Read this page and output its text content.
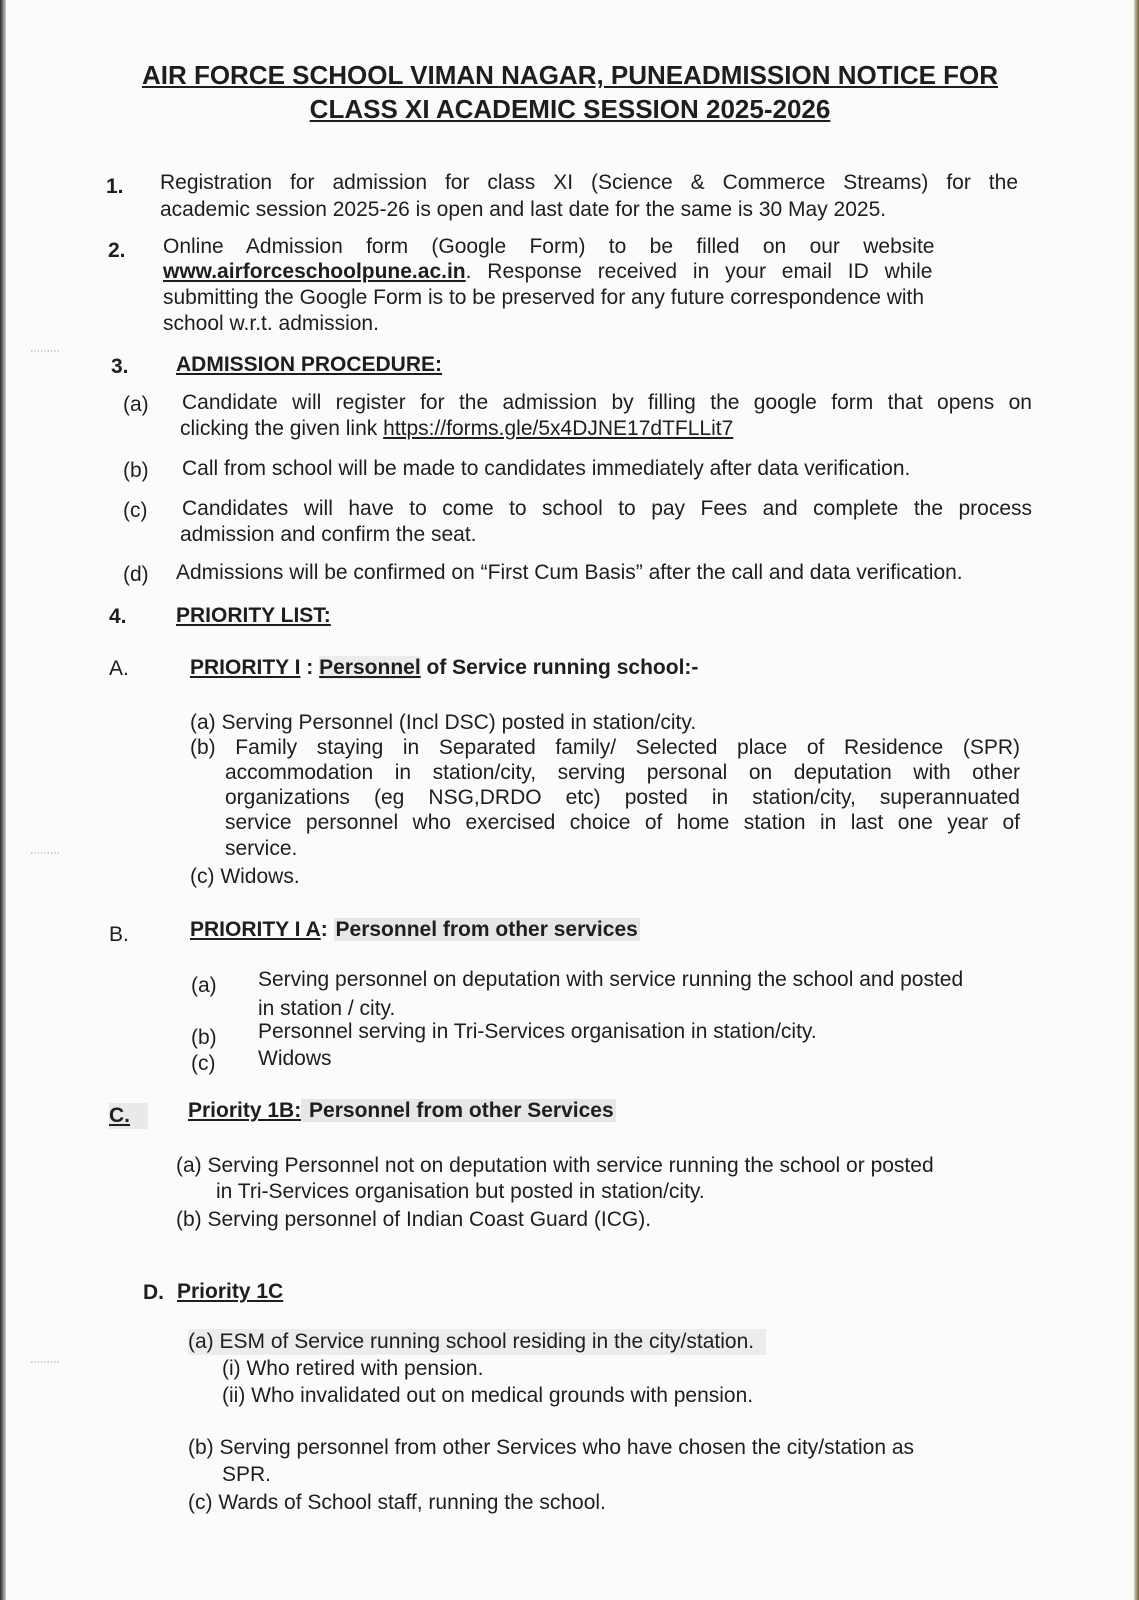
AIR FORCE SCHOOL VIMAN NAGAR, PUNEADMISSION NOTICE FOR
CLASS XI ACADEMIC SESSION 2025-2026
1. Registration for admission for class XI (Science & Commerce Streams) for the
academic session 2025-26 is open and last date for the same is 30 May 2025.
2. Online    Admission    form    (Google    Form)    to    be    filled    on    our    website
www.airforceschoolpune.ac.in. Response received in your email ID while
submitting the Google Form is to be preserved for any future correspondence with
school w.r.t. admission.
3. ADMISSION PROCEDURE:
(a) Candidate will register for the admission by filling the google form that opens on
clicking the given link https://forms.gle/5x4DJNE17dTFLLit7
(b) Call from school will be made to candidates immediately after data verification.
(c) Candidates will have to come to school to pay Fees and complete the process
admission and confirm the seat.
(d) Admissions will be confirmed on “First Cum Basis” after the call and data verification.
4. PRIORITY LIST:
A.	PRIORITY I : Personnel of Service running school:-
(a) Serving Personnel (Incl DSC) posted in station/city.
(b) Family staying in Separated family/ Selected place of Residence (SPR)
accommodation in station/city, serving personal on deputation with other
organizations (eg NSG,DRDO etc) posted in station/city, superannuated
service personnel who exercised choice of home station in last one year of
service.
(c) Widows.
B.	PRIORITY I A: Personnel from other services
(a) Serving personnel on deputation with service running the school and posted
in station / city.
(b) Personnel serving in Tri-Services organisation in station/city.
(c) Widows
C.	Priority 1B: Personnel from other Services
(a) Serving Personnel not on deputation with service running the school or posted
in Tri-Services organisation but posted in station/city.
(b) Serving personnel of Indian Coast Guard (ICG).
D. Priority 1C
(a) ESM of Service running school residing in the city/station.
(i) Who retired with pension.
(ii) Who invalidated out on medical grounds with pension.
(b) Serving personnel from other Services who have chosen the city/station as
SPR.
(c) Wards of School staff, running the school.
⋯⋯⋯
⋯⋯⋯
⋯⋯⋯
